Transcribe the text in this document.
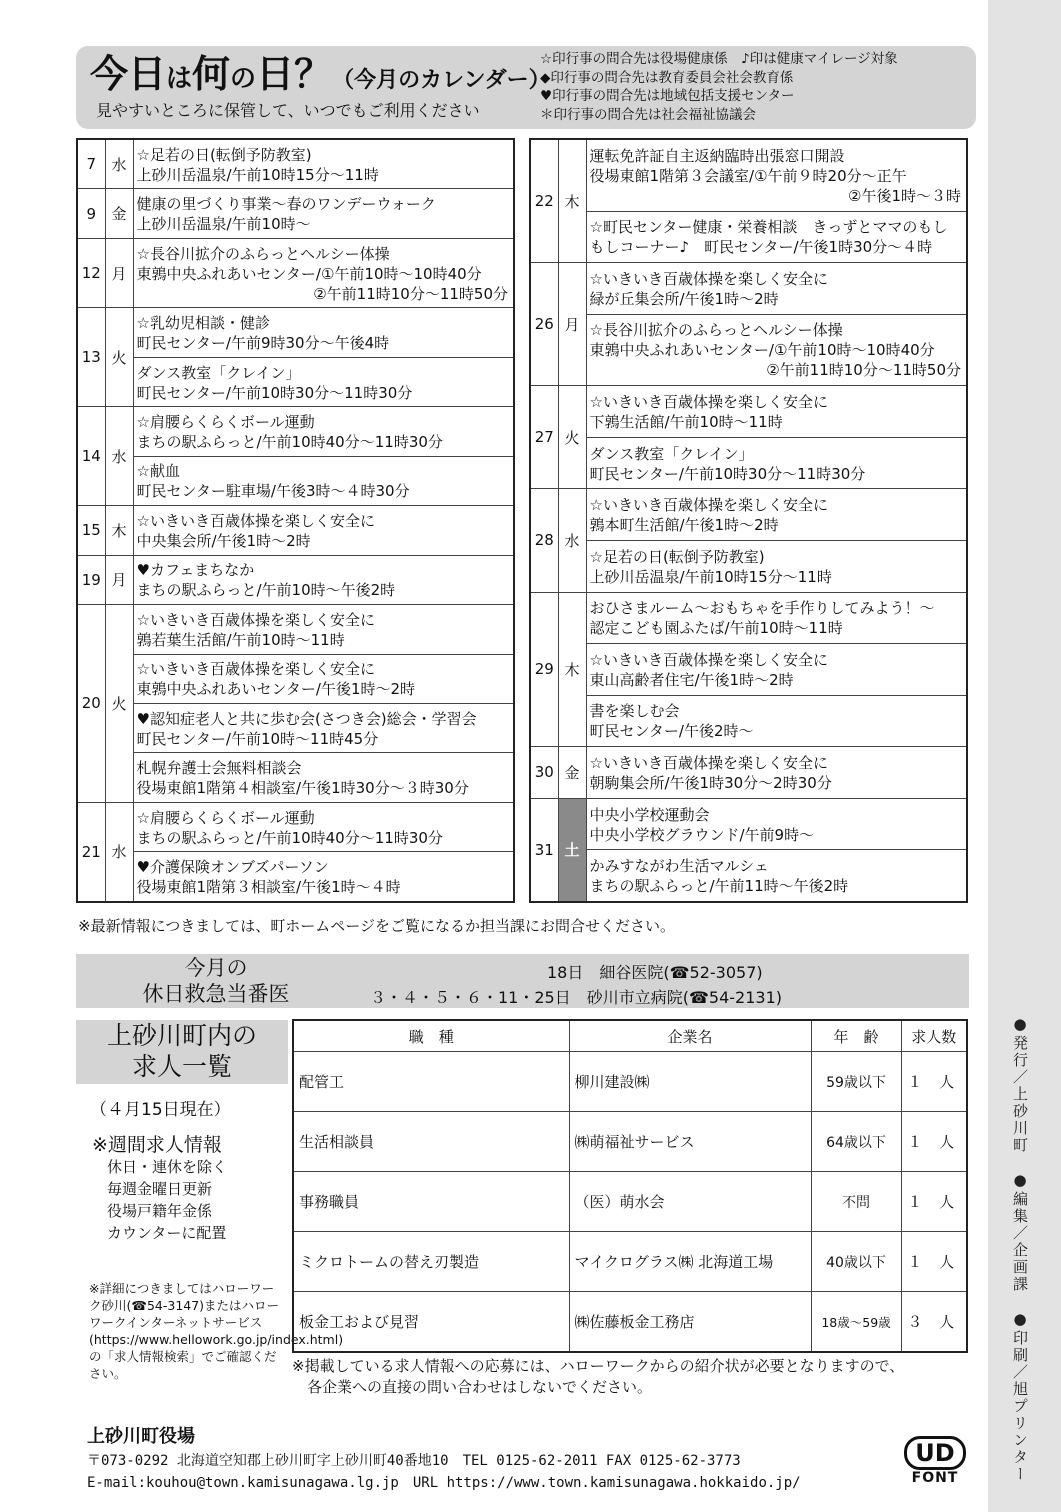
●発行／上砂川町　●編集／企画課　●印刷／旭プリンター
今日は何の日？（今月のカレンダー）
見やすいところに保管して、いつでもご利用ください
☆印行事の問合先は役場健康係　♪印は健康マイレージ対象
◆印行事の問合先は教育委員会社会教育係
♥印行事の問合先は地域包括支援センター
＊印行事の問合先は社会福祉協議会
7	水	☆足若の日(転倒予防教室)
上砂川岳温泉/午前10時15分～11時

9	金	健康の里づくり事業～春のワンデーウォーク
上砂川岳温泉/午前10時～

12	月	☆長谷川拡介のふらっとヘルシー体操
東鶉中央ふれあいセンター/①午前10時～10時40分
②午前11時10分～11時50分

13	火	☆乳幼児相談・健診
町民センター/午前9時30分～午後4時

		ダンス教室「クレイン」
町民センター/午前10時30分～11時30分

14	水	☆肩腰らくらくボール運動
まちの駅ふらっと/午前10時40分～11時30分

		☆献血
町民センター駐車場/午後3時～４時30分

15	木	☆いきいき百歳体操を楽しく安全に
中央集会所/午後1時～2時

19	月	♥カフェまちなか
まちの駅ふらっと/午前10時～午後2時

20	火	☆いきいき百歳体操を楽しく安全に
鶉若葉生活館/午前10時～11時

		☆いきいき百歳体操を楽しく安全に
東鶉中央ふれあいセンター/午後1時～2時

		♥認知症老人と共に歩む会(さつき会)総会・学習会
町民センター/午前10時～11時45分

		札幌弁護士会無料相談会
役場東館1階第４相談室/午後1時30分～３時30分

21	水	☆肩腰らくらくボール運動
まちの駅ふらっと/午前10時40分～11時30分

		♥介護保険オンブズパーソン
役場東館1階第３相談室/午後1時～４時
22	木	運転免許証自主返納臨時出張窓口開設
役場東館1階第３会議室/①午前９時20分～正午
②午後1時～３時

		☆町民センター健康・栄養相談　きっずとママのもし
もしコーナー♪　町民センター/午後1時30分～４時

26	月	☆いきいき百歳体操を楽しく安全に
緑が丘集会所/午後1時～2時

		☆長谷川拡介のふらっとヘルシー体操
東鶉中央ふれあいセンター/①午前10時～10時40分
②午前11時10分～11時50分

27	火	☆いきいき百歳体操を楽しく安全に
下鶉生活館/午前10時～11時

		ダンス教室「クレイン」
町民センター/午前10時30分～11時30分

28	水	☆いきいき百歳体操を楽しく安全に
鶉本町生活館/午後1時～2時

		☆足若の日(転倒予防教室)
上砂川岳温泉/午前10時15分～11時

29	木	おひさまルーム～おもちゃを手作りしてみよう！～
認定こども園ふたば/午前10時～11時

		☆いきいき百歳体操を楽しく安全に
東山高齢者住宅/午後1時～2時

		書を楽しむ会
町民センター/午後2時～

30	金	☆いきいき百歳体操を楽しく安全に
朝駒集会所/午後1時30分～2時30分

31	土	中央小学校運動会
中央小学校グラウンド/午前9時～

		かみすながわ生活マルシェ
まちの駅ふらっと/午前11時～午後2時
※最新情報につきましては、町ホームページをご覧になるか担当課にお問合せください。
今月の
休日救急当番医
18日　細谷医院(☎52-3057)
３・４・５・６・11・25日　砂川市立病院(☎54-2131)
上砂川町内の
求人一覧
（４月15日現在）
※週間求人情報
休日・連休を除く
毎週金曜日更新
役場戸籍年金係
カウンターに配置
※詳細につきましてはハローワーク砂川(☎54-3147)またはハローワークインターネットサービス(https://www.hellowork.go.jp/index.html)の「求人情報検索」でご確認ください。
職　種	企業名	年　齢	求人数
配管工	柳川建設㈱	59歳以下	１ 人
生活相談員	㈱萌福祉サービス	64歳以下	１ 人
事務職員	（医）萌水会	不問	１ 人
ミクロトームの替え刃製造	マイクログラス㈱ 北海道工場	40歳以下	１ 人
板金工および見習	㈱佐藤板金工務店	18歳～59歳	３ 人
※掲載している求人情報への応募には、ハローワークからの紹介状が必要となりますので、
　各企業への直接の問い合わせはしないでください。
上砂川町役場
〒073-0292 北海道空知郡上砂川町字上砂川町40番地10　TEL 0125-62-2011 FAX 0125-62-3773
E-mail:kouhou@town.kamisunagawa.lg.jp　URL https://www.town.kamisunagawa.hokkaido.jp/
UD
FONT
